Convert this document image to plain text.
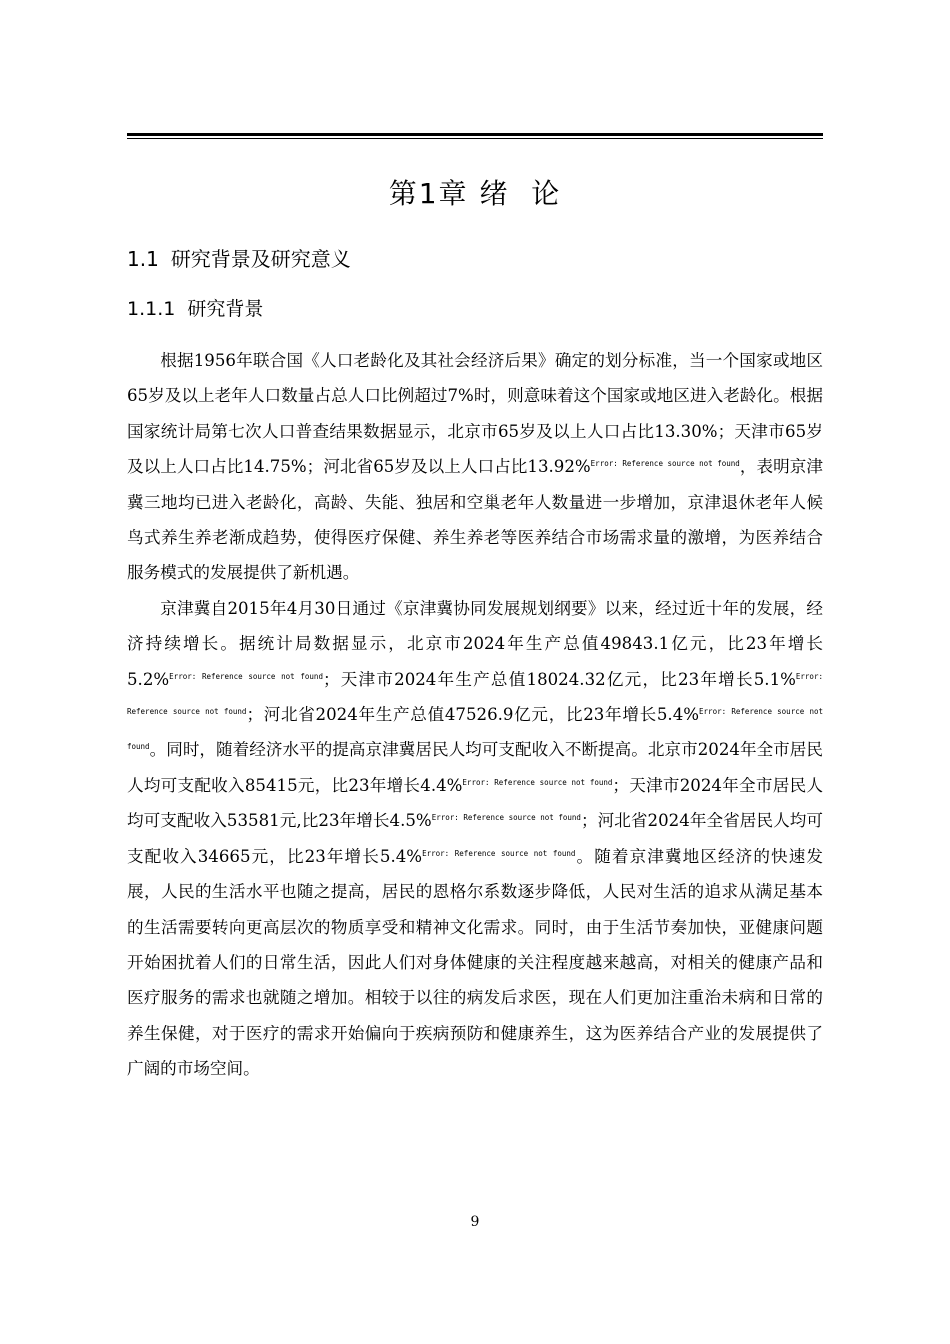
第1章 绪  论
1.1 研究背景及研究意义
1.1.1 研究背景

根据1956年联合国《人口老龄化及其社会经济后果》确定的划分标准，当一个国家或地区65岁及以上老年人口数量占总人口比例超过7%时，则意味着这个国家或地区进入老龄化。根据国家统计局第七次人口普查结果数据显示，北京市65岁及以上人口占比13.30%；天津市65岁及以上人口占比14.75%；河北省65岁及以上人口占比13.92%$^{Error: Reference source not found}$，表明京津冀三地均已进入老龄化，高龄、失能、独居和空巢老年人数量进一步增加，京津退休老年人候鸟式养生养老渐成趋势，使得医疗保健、养生养老等医养结合市场需求量的激增，为医养结合服务模式的发展提供了新机遇。

京津冀自2015年4月30日通过《京津冀协同发展规划纲要》以来，经过近十年的发展，经济持续增长。据统计局数据显示，北京市2024年生产总值49843.1亿元，比23年增长5.2%$^{Error: Reference source not found}$；天津市2024年生产总值18024.32亿元，比23年增长5.1%$^{Error: Reference source not found}$；河北省2024年生产总值47526.9亿元，比23年增长5.4%$^{Error: Reference source not found}$。同时，随着经济水平的提高京津冀居民人均可支配收入不断提高。北京市2024年全市居民人均可支配收入85415元，比23年增长4.4%$^{Error: Reference source not found}$；天津市2024年全市居民人均可支配收入53581元,比23年增长4.5%$^{Error: Reference source not found}$；河北省2024年全省居民人均可支配收入34665元，比23年增长5.4%$^{Error: Reference source not found}$。随着京津冀地区经济的快速发展，人民的生活水平也随之提高，居民的恩格尔系数逐步降低，人民对生活的追求从满足基本的生活需要转向更高层次的物质享受和精神文化需求。同时，由于生活节奏加快，亚健康问题开始困扰着人们的日常生活，因此人们对身体健康的关注程度越来越高，对相关的健康产品和医疗服务的需求也就随之增加。相较于以往的病发后求医，现在人们更加注重治未病和日常的养生保健，对于医疗的需求开始偏向于疾病预防和健康养生，这为医养结合产业的发展提供了广阔的市场空间。

9
